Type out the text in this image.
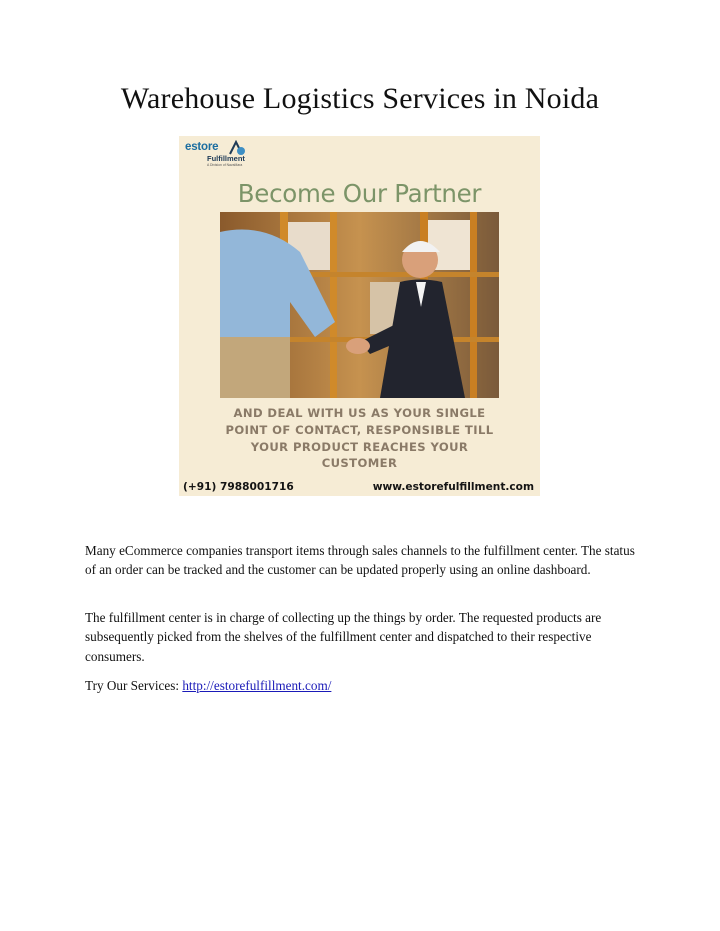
Warehouse Logistics Services in Noida
estore
Fulfillment
A Division of NavaMara
Become Our Partner
AND DEAL WITH US AS YOUR SINGLE
POINT OF CONTACT, RESPONSIBLE TILL
YOUR PRODUCT REACHES YOUR
CUSTOMER
(+91) 7988001716	www.estorefulfillment.com

Many eCommerce companies transport items through sales channels to the fulfillment center. The status of an order can be tracked and the customer can be updated properly using an online dashboard.

The fulfillment center is in charge of collecting up the things by order. The requested products are subsequently picked from the shelves of the fulfillment center and dispatched to their respective consumers.

Try Our Services: http://estorefulfillment.com/
